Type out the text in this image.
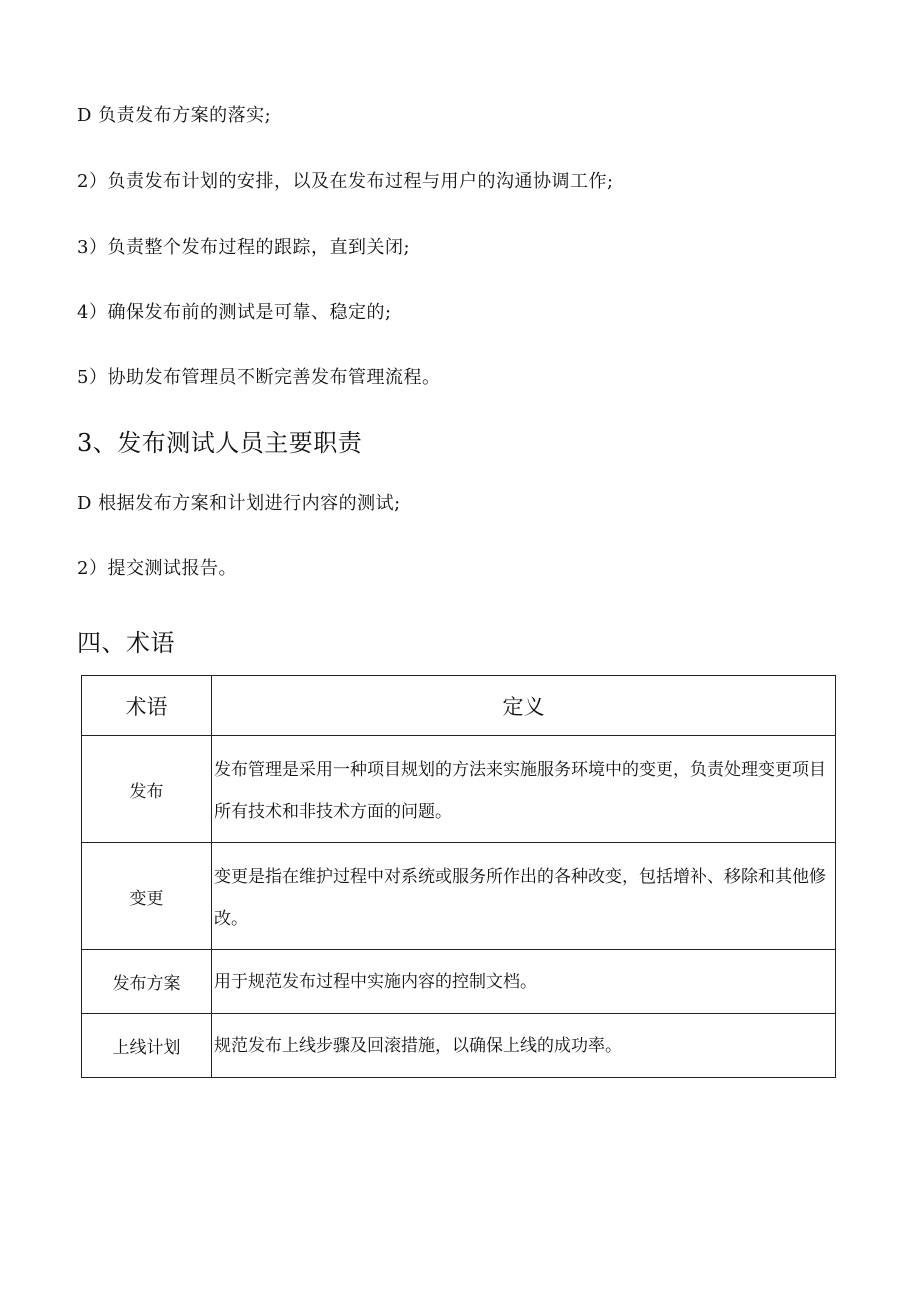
D 负责发布方案的落实;
2）负责发布计划的安排，以及在发布过程与用户的沟通协调工作;
3）负责整个发布过程的跟踪，直到关闭;
4）确保发布前的测试是可靠、稳定的;
5）协助发布管理员不断完善发布管理流程。
3、发布测试人员主要职责
D 根据发布方案和计划进行内容的测试;
2）提交测试报告。
四、术语
术语	定义
发布	发布管理是采用一种项目规划的方法来实施服务环境中的变更，负责处理变更项目所有技术和非技术方面的问题。
变更	变更是指在维护过程中对系统或服务所作出的各种改变，包括增补、移除和其他修改。
发布方案	用于规范发布过程中实施内容的控制文档。
上线计划	规范发布上线步骤及回滚措施，以确保上线的成功率。
